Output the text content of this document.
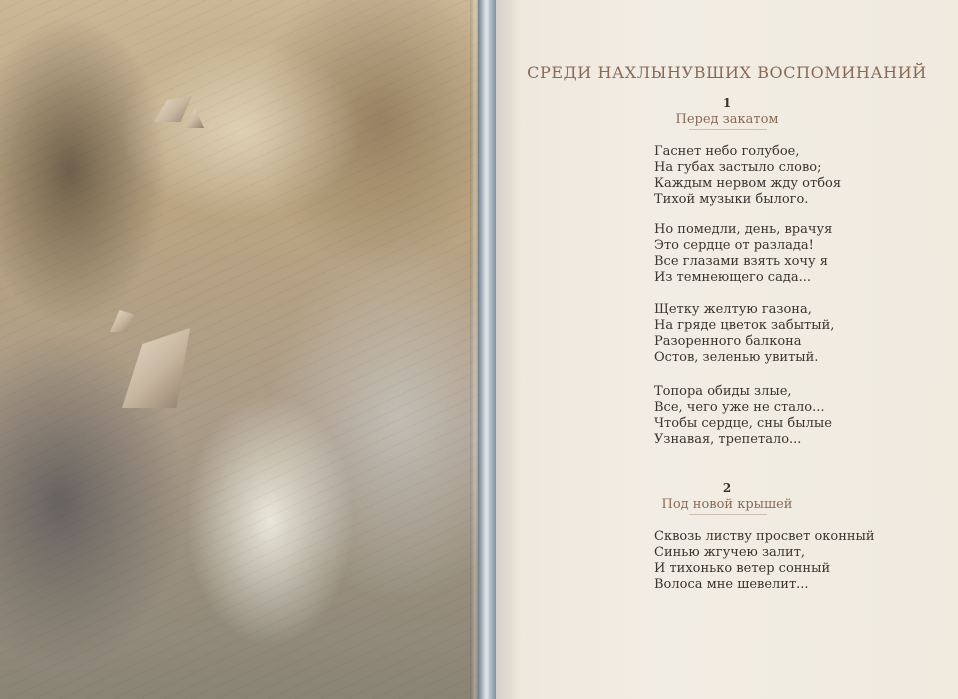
СРЕДИ НАХЛЫНУВШИХ ВОСПОМИНАНИЙ
1
Перед закатом
Гаснет небо голубое,
На губах застыло слово;
Каждым нервом жду отбоя
Тихой музыки былого.
Но помедли, день, врачуя
Это сердце от разлада!
Все глазами взять хочу я
Из темнеющего сада...
Щетку желтую газона,
На гряде цветок забытый,
Разоренного балкона
Остов, зеленью увитый.
Топора обиды злые,
Все, чего уже не стало...
Чтобы сердце, сны былые
Узнавая, трепетало...
2
Под новой крышей
Сквозь листву просвет оконный
Синью жгучею залит,
И тихонько ветер сонный
Волоса мне шевелит...
